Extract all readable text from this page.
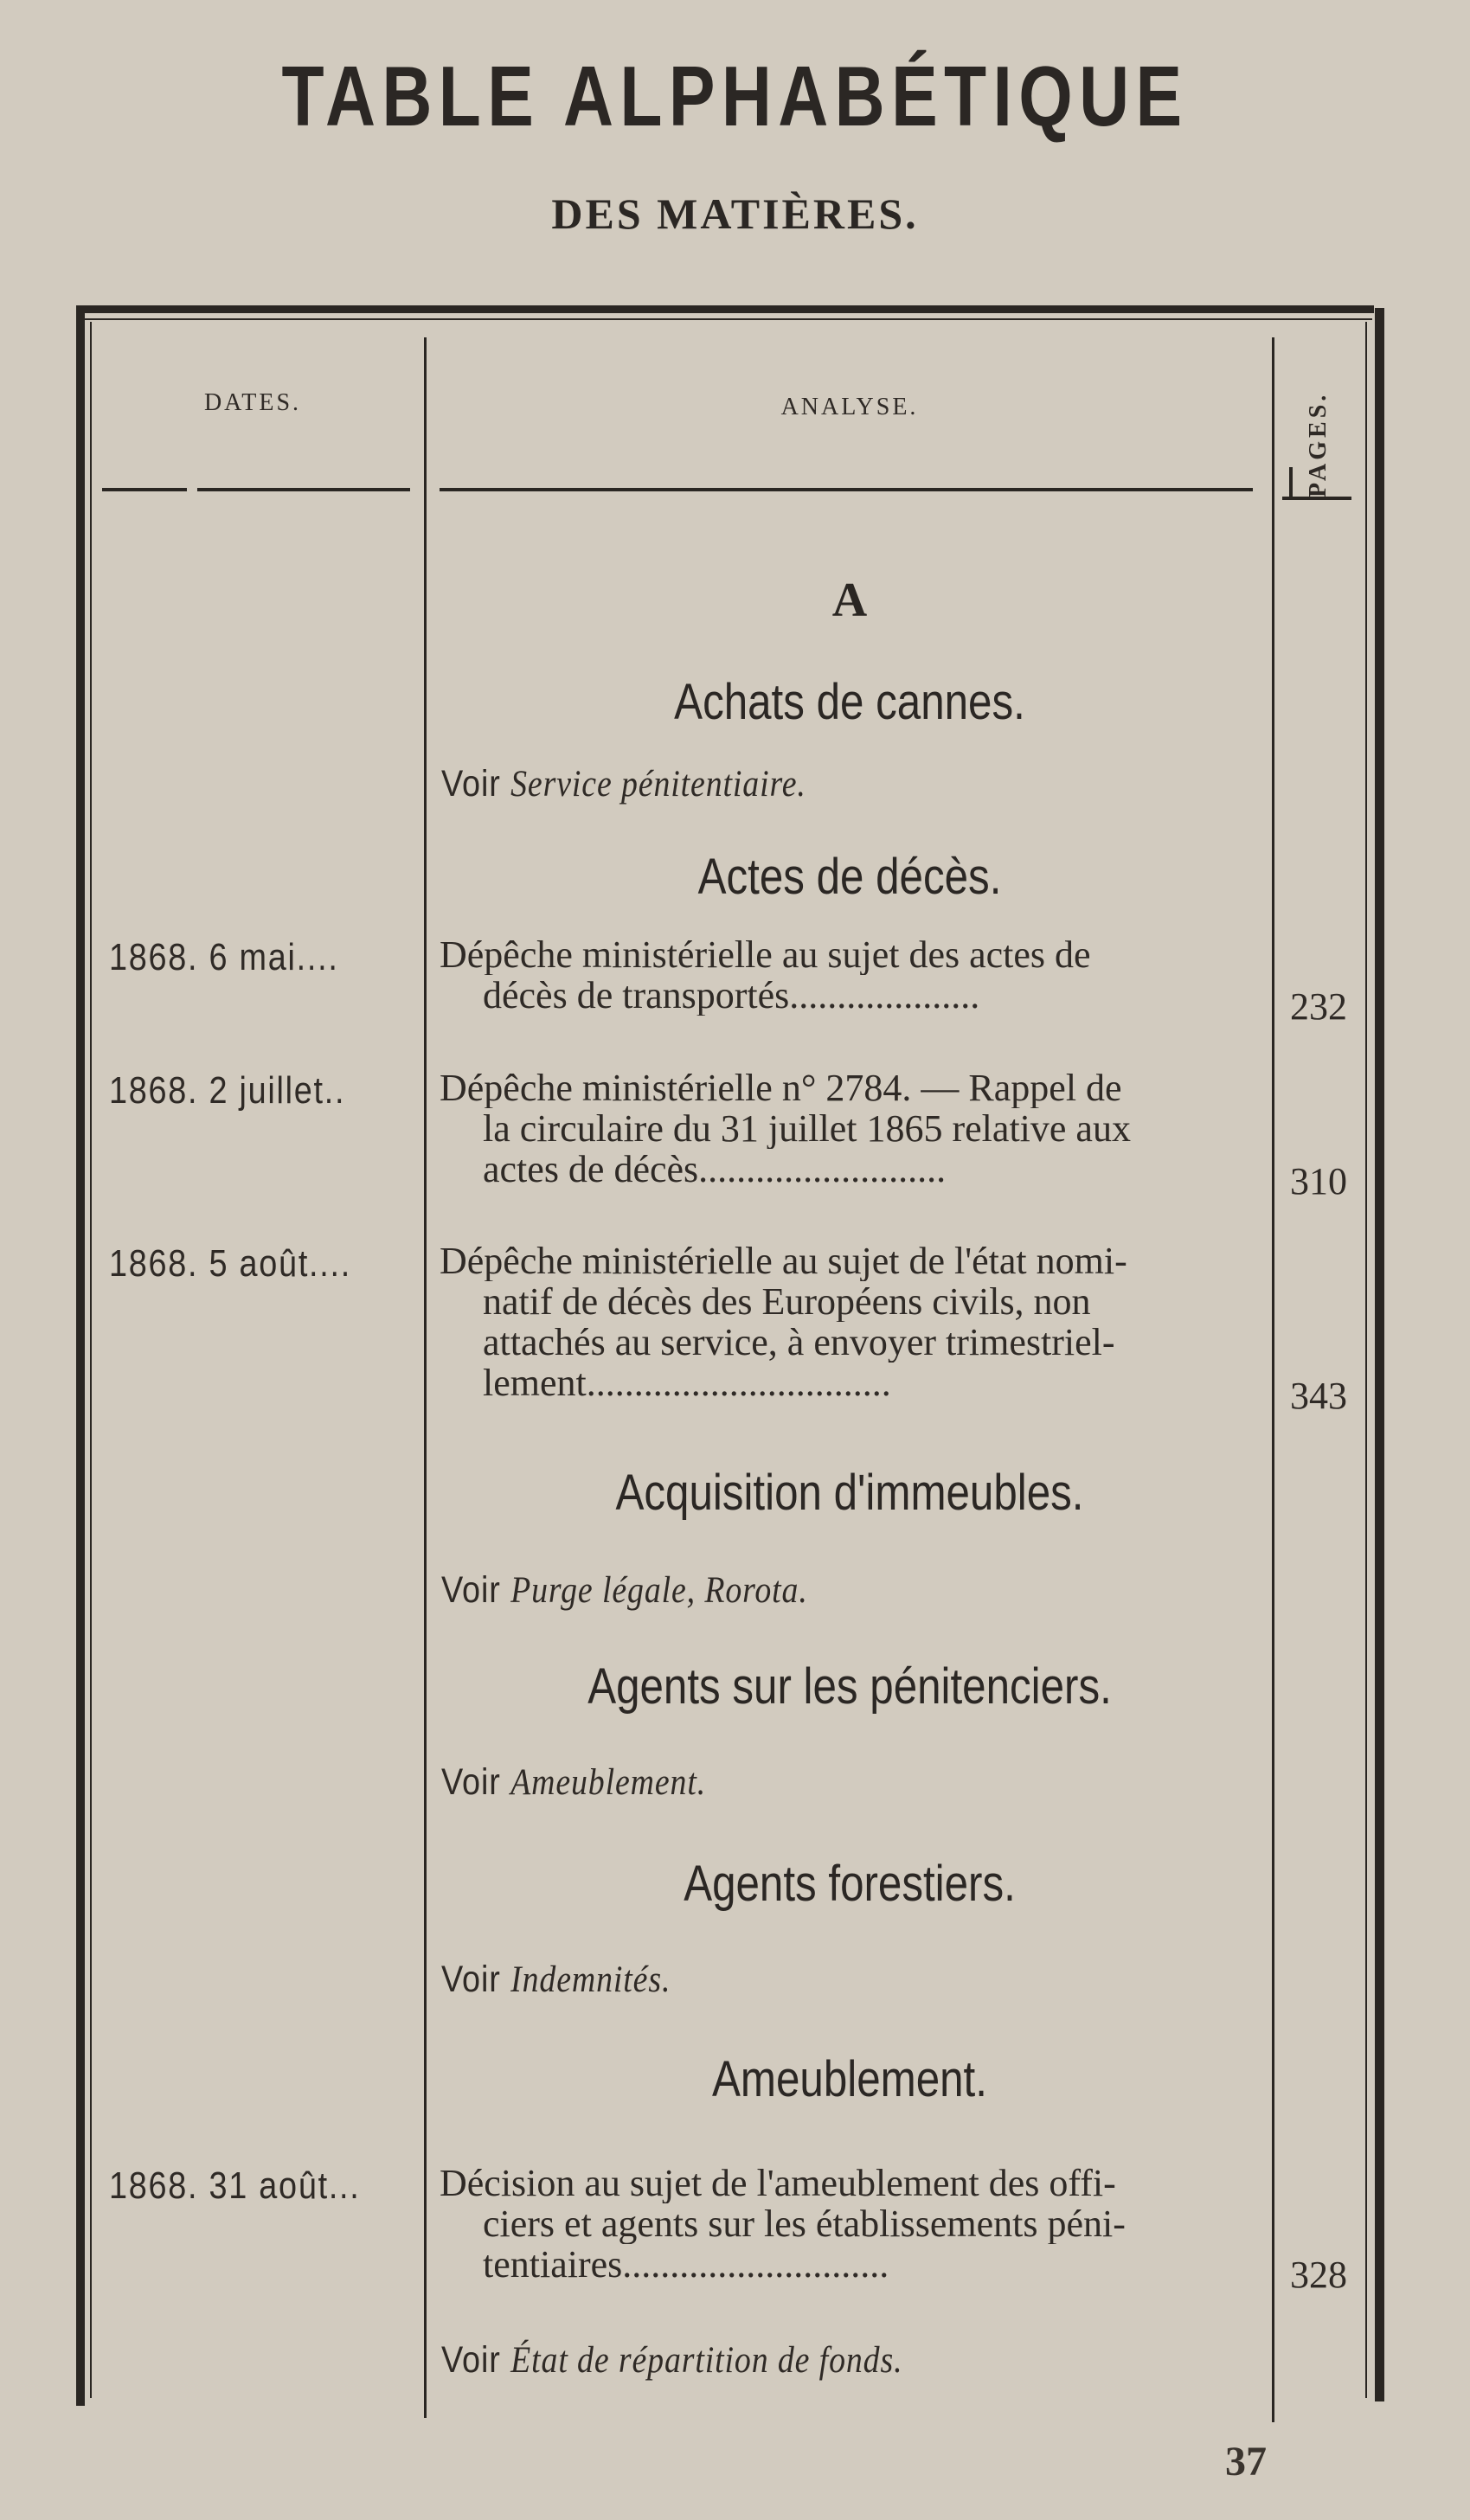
TABLE ALPHABÉTIQUE
DES MATIÈRES.
DATES.	ANALYSE.	PAGES.
A
Achats de cannes.
Voir Service pénitentiaire.
Actes de décès.
1868. 6 mai....	Dépêche ministérielle au sujet des actes de
décès de transportés....................	232
1868. 2 juillet.. Dépêche ministérielle n° 2784. — Rappel de
la circulaire du 31 juillet 1865 relative aux
actes de décès..........................	310
1868. 5 août.... Dépêche ministérielle au sujet de l'état nomi-
natif de décès des Européens civils, non
attachés au service, à envoyer trimestriel-
lement................................	343
Acquisition d'immeubles.
Voir Purge légale, Rorota.
Agents sur les pénitenciers.
Voir Ameublement.
Agents forestiers.
Voir Indemnités.
Ameublement.
1868. 31 août... Décision au sujet de l'ameublement des offi-
ciers et agents sur les établissements péni-
tentiaires............................	328
Voir État de répartition de fonds.
37
